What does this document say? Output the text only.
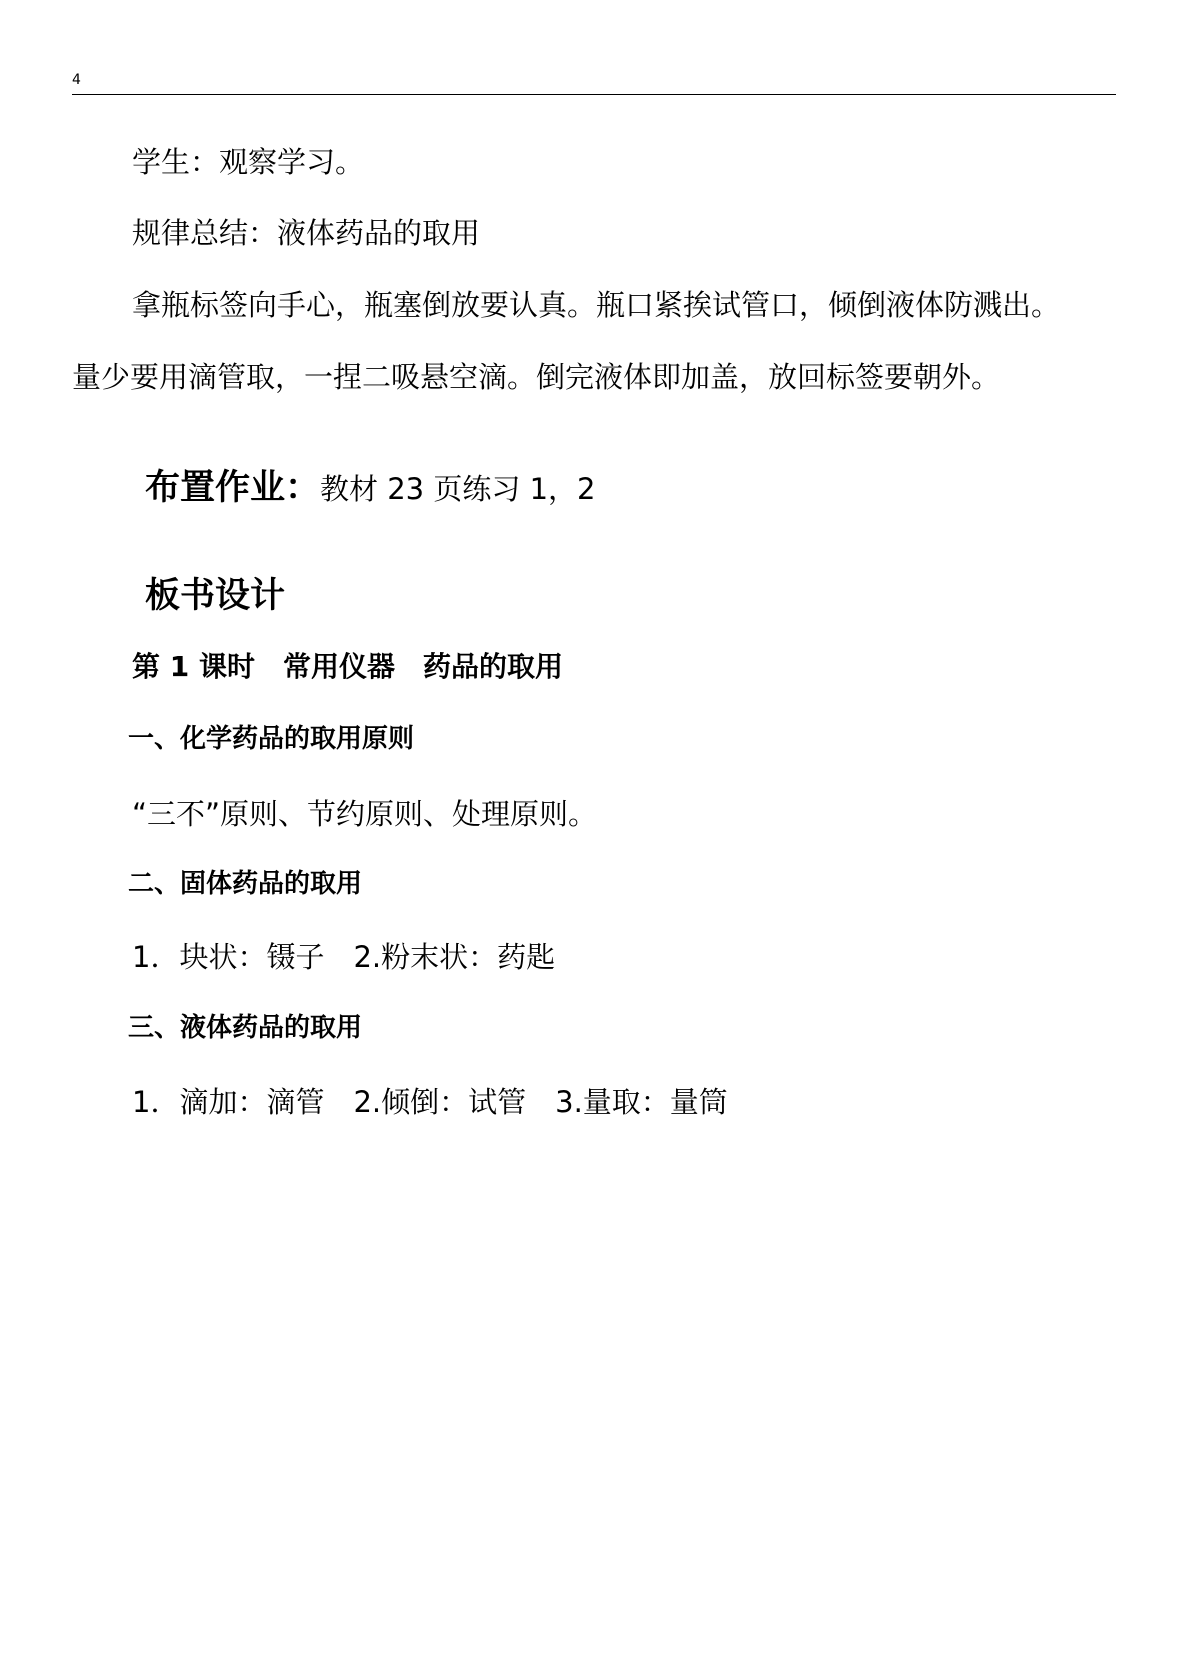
4
学生：观察学习。
规律总结：液体药品的取用
拿瓶标签向手心，瓶塞倒放要认真。瓶口紧挨试管口，倾倒液体防溅出。
量少要用滴管取，一捏二吸悬空滴。倒完液体即加盖，放回标签要朝外。
布置作业：教材 23 页练习 1，2
板书设计
第 1 课时　常用仪器　药品的取用
一、化学药品的取用原则
“三不”原则、节约原则、处理原则。
二、固体药品的取用
1．块状：镊子　2.粉末状：药匙
三、液体药品的取用
1．滴加：滴管　2.倾倒：试管　3.量取：量筒
